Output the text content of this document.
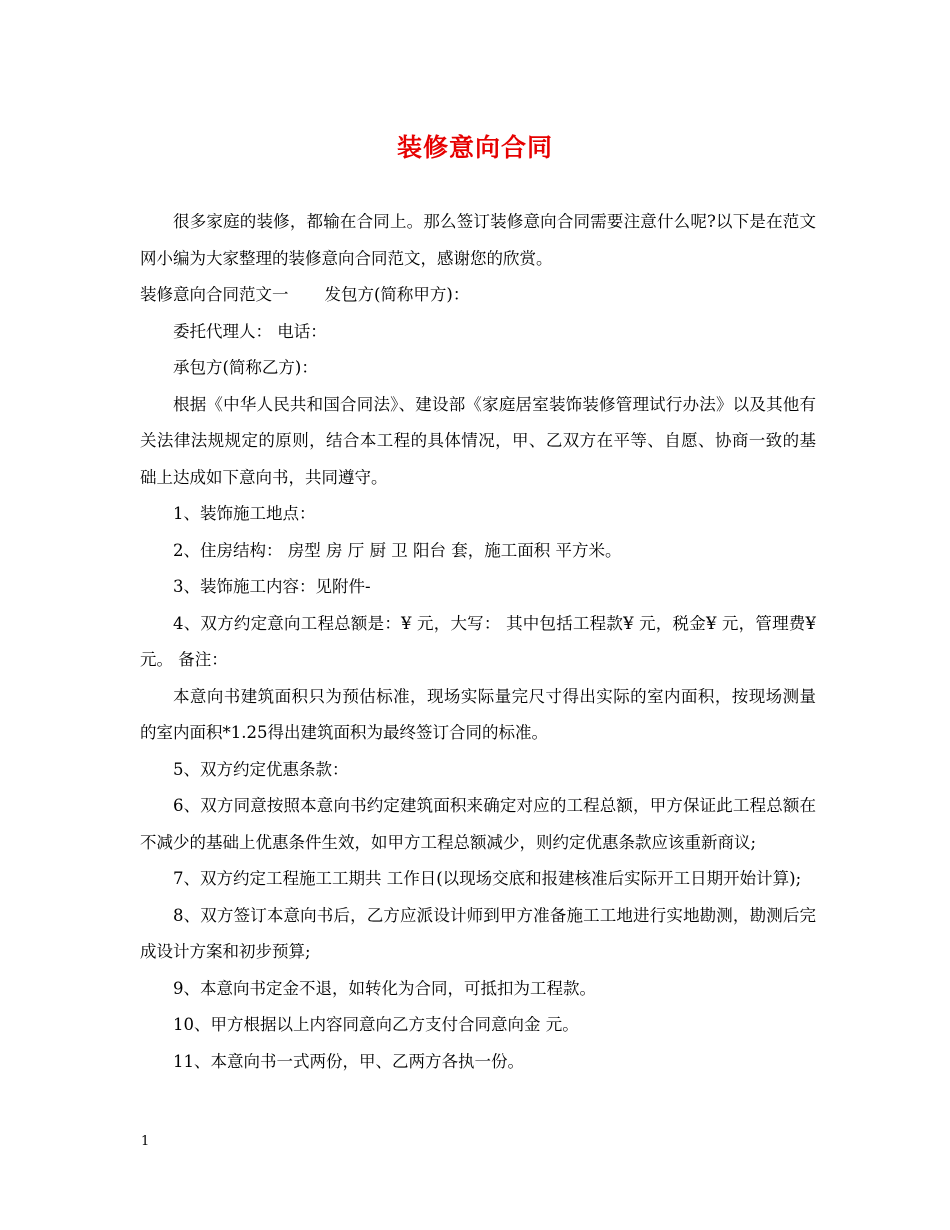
装修意向合同

很多家庭的装修，都输在合同上。那么签订装修意向合同需要注意什么呢?以下是在范文网小编为大家整理的装修意向合同范文，感谢您的欣赏。

装修意向合同范文一 发包方(简称甲方)：

委托代理人： 电话：

承包方(简称乙方)：

根据《中华人民共和国合同法》、建设部《家庭居室装饰装修管理试行办法》以及其他有关法律法规规定的原则，结合本工程的具体情况，甲、乙双方在平等、自愿、协商一致的基础上达成如下意向书，共同遵守。

1、装饰施工地点：

2、住房结构： 房型 房 厅 厨 卫 阳台 套，施工面积 平方米。

3、装饰施工内容：见附件-

4、双方约定意向工程总额是：¥ 元，大写： 其中包括工程款¥ 元，税金¥ 元，管理费¥ 元。 备注：

本意向书建筑面积只为预估标准，现场实际量完尺寸得出实际的室内面积，按现场测量的室内面积*1.25得出建筑面积为最终签订合同的标准。

5、双方约定优惠条款：

6、双方同意按照本意向书约定建筑面积来确定对应的工程总额，甲方保证此工程总额在不减少的基础上优惠条件生效，如甲方工程总额减少，则约定优惠条款应该重新商议;

7、双方约定工程施工工期共 工作日(以现场交底和报建核准后实际开工日期开始计算);

8、双方签订本意向书后，乙方应派设计师到甲方准备施工工地进行实地勘测，勘测后完成设计方案和初步预算;

9、本意向书定金不退，如转化为合同，可抵扣为工程款。

10、甲方根据以上内容同意向乙方支付合同意向金 元。

11、本意向书一式两份，甲、乙两方各执一份。

1
